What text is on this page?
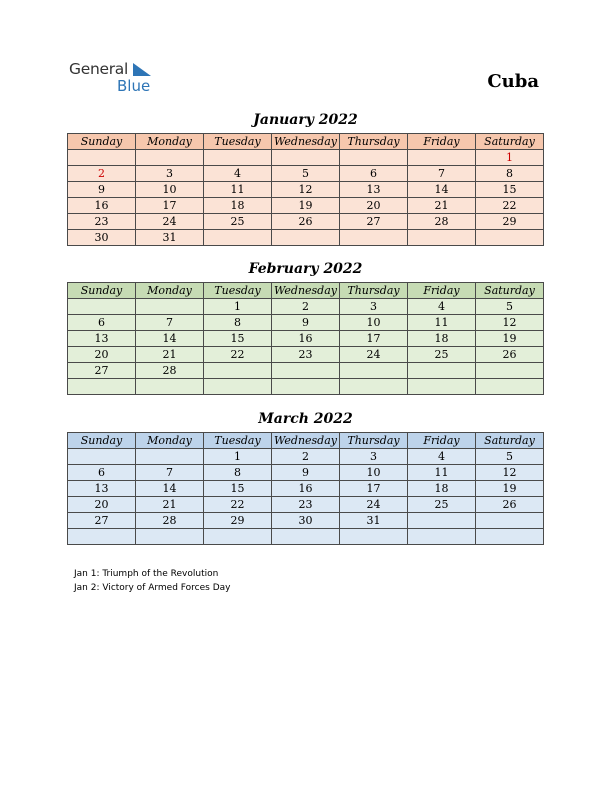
General
Blue	Cuba
January 2022
Sunday	Monday	Tuesday	Wednesday	Thursday	Friday	Saturday
						1
2	3	4	5	6	7	8
9	10	11	12	13	14	15
16	17	18	19	20	21	22
23	24	25	26	27	28	29
30	31					
February 2022
Sunday	Monday	Tuesday	Wednesday	Thursday	Friday	Saturday
		1	2	3	4	5
6	7	8	9	10	11	12
13	14	15	16	17	18	19
20	21	22	23	24	25	26
27	28					

March 2022
Sunday	Monday	Tuesday	Wednesday	Thursday	Friday	Saturday
		1	2	3	4	5
6	7	8	9	10	11	12
13	14	15	16	17	18	19
20	21	22	23	24	25	26
27	28	29	30	31		

Jan 1: Triumph of the Revolution
Jan 2: Victory of Armed Forces Day
